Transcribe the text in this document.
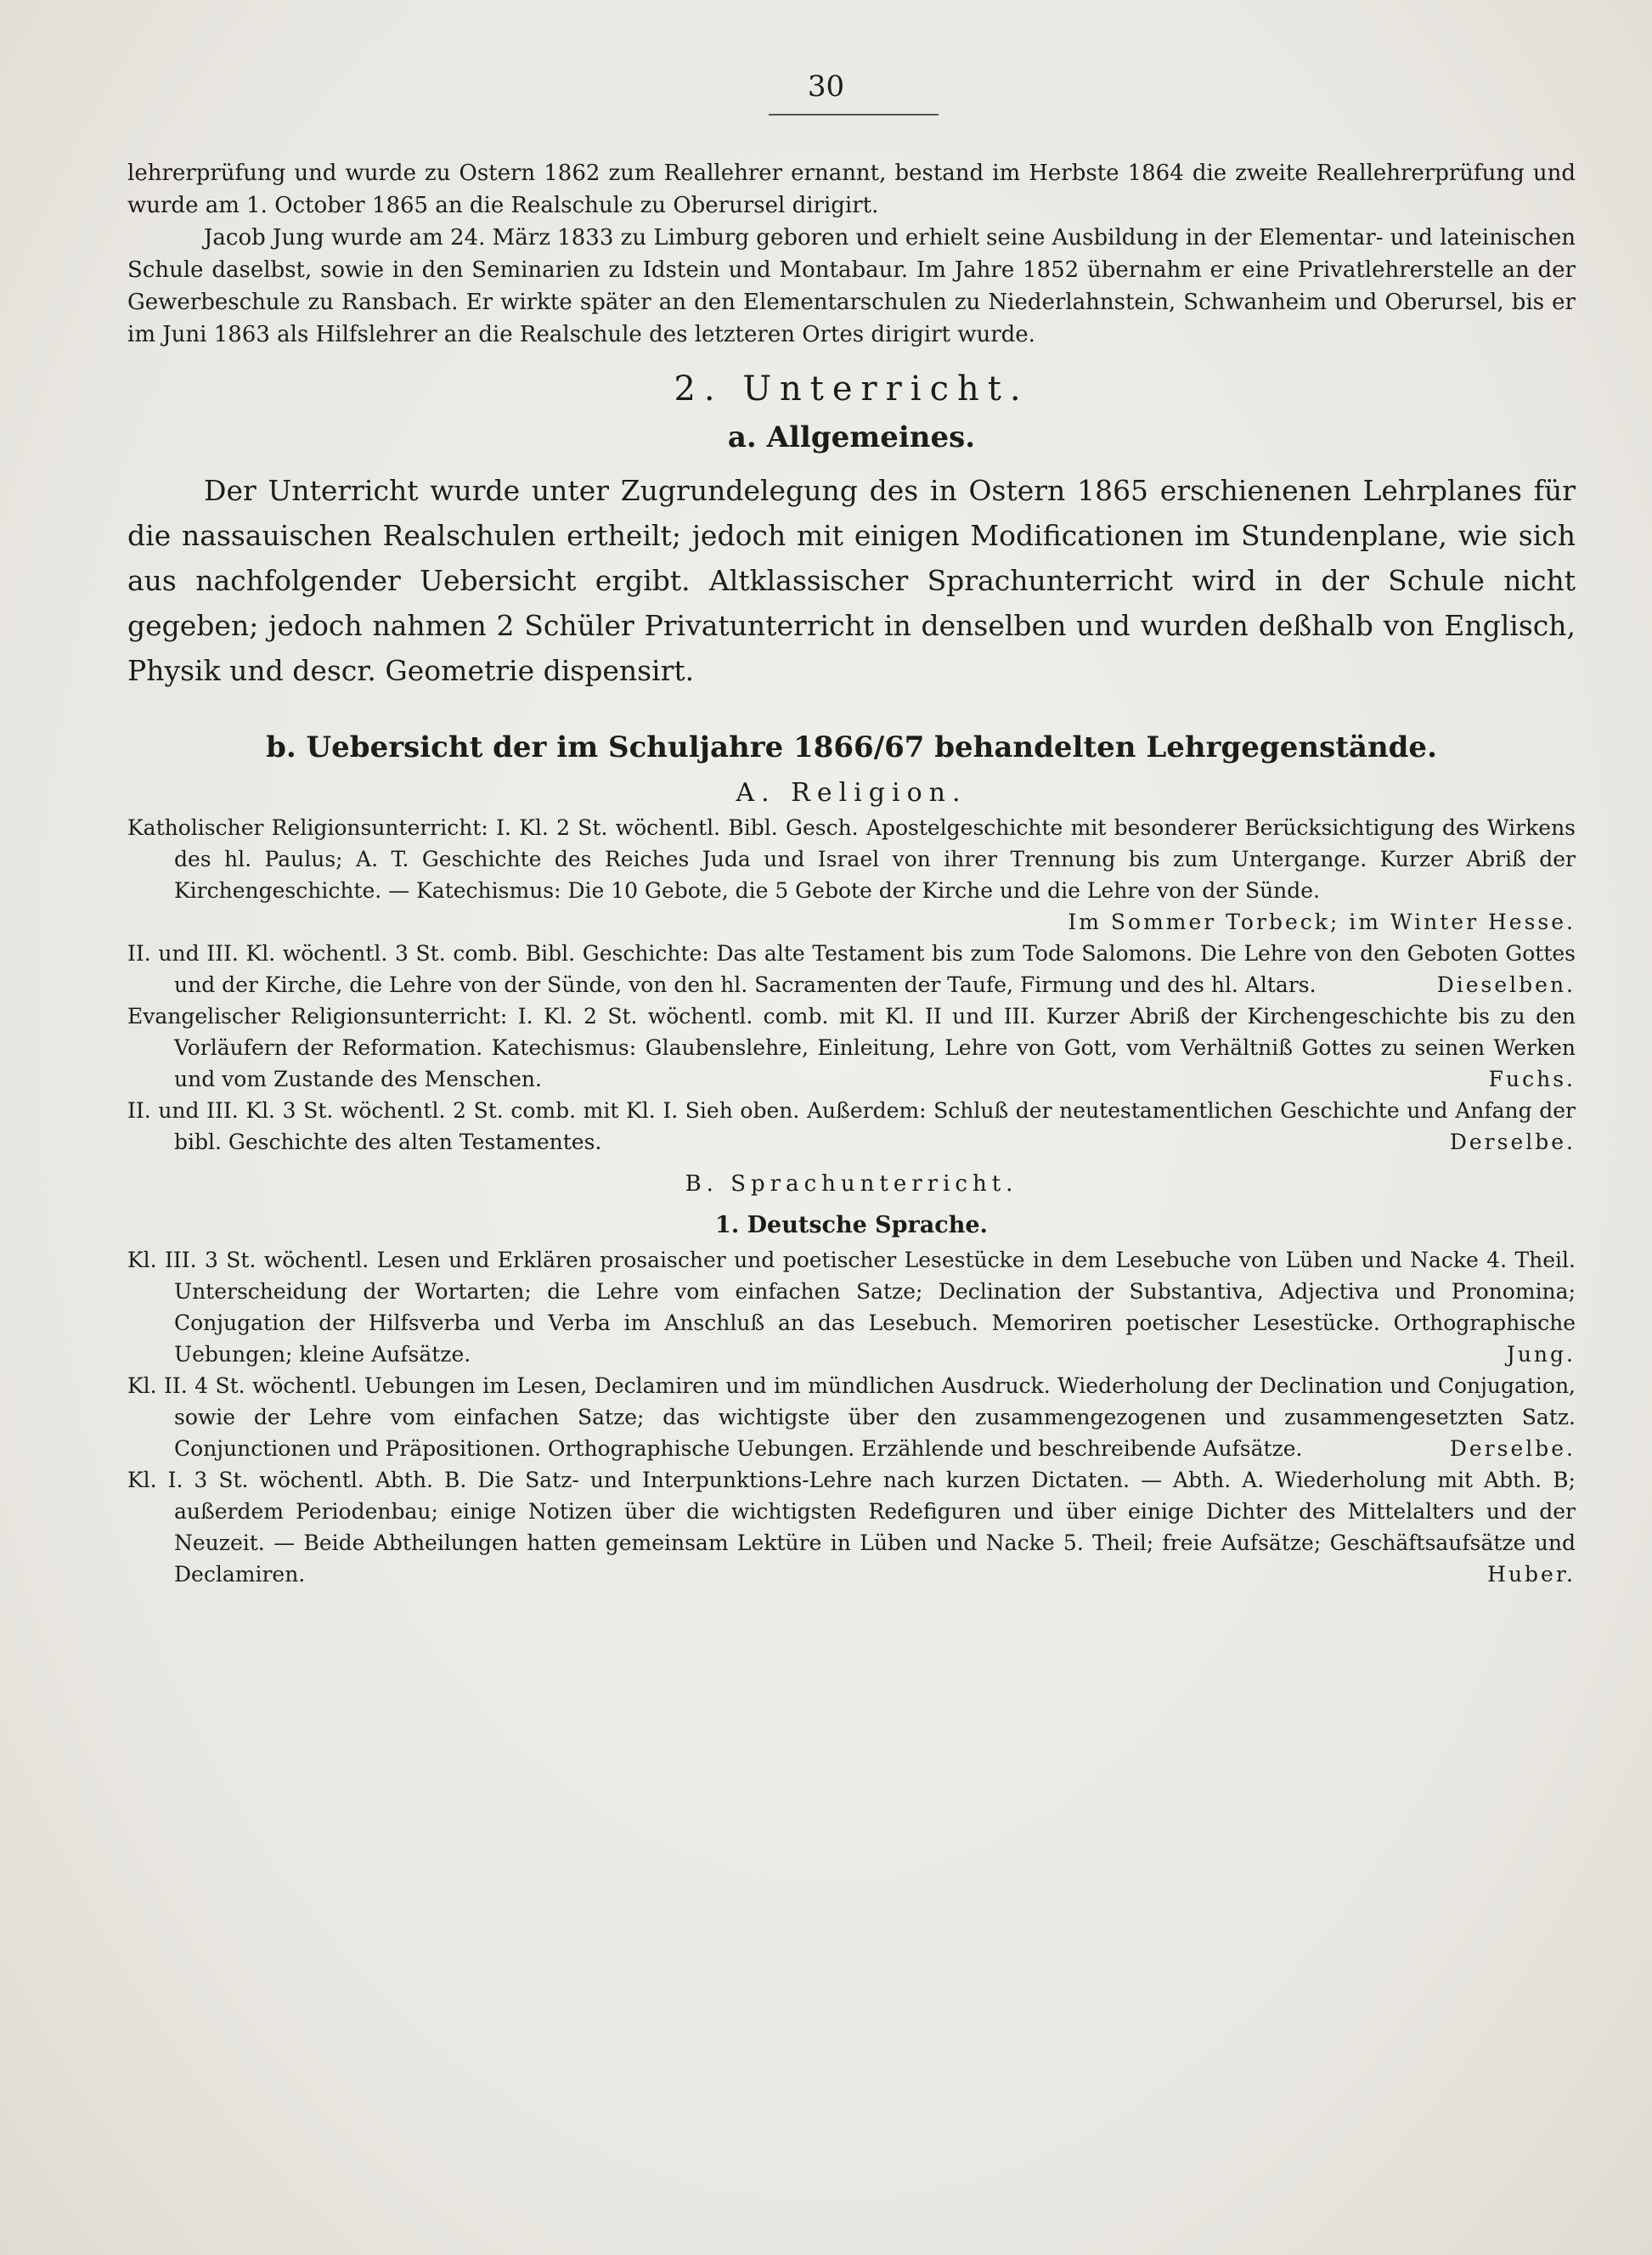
30

lehrerprüfung und wurde zu Ostern 1862 zum Reallehrer ernannt, bestand im Herbste 1864 die zweite Reallehrerprüfung und wurde am 1. October 1865 an die Realschule zu Oberursel dirigirt.

Jacob Jung wurde am 24. März 1833 zu Limburg geboren und erhielt seine Ausbildung in der Elementar- und lateinischen Schule daselbst, sowie in den Seminarien zu Idstein und Montabaur. Im Jahre 1852 übernahm er eine Privatlehrerstelle an der Gewerbeschule zu Ransbach. Er wirkte später an den Elementarschulen zu Niederlahnstein, Schwanheim und Oberursel, bis er im Juni 1863 als Hilfslehrer an die Realschule des letzteren Ortes dirigirt wurde.

2. Unterricht.

a. Allgemeines.

Der Unterricht wurde unter Zugrundelegung des in Ostern 1865 erschienenen Lehrplanes für die nassauischen Realschulen ertheilt; jedoch mit einigen Modificationen im Stundenplane, wie sich aus nachfolgender Uebersicht ergibt. Altklassischer Sprachunterricht wird in der Schule nicht gegeben; jedoch nahmen 2 Schüler Privatunterricht in denselben und wurden deßhalb von Englisch, Physik und descr. Geometrie dispensirt.

b. Uebersicht der im Schuljahre 1866/67 behandelten Lehrgegenstände.

A. Religion.

Katholischer Religionsunterricht: I. Kl. 2 St. wöchentl. Bibl. Gesch. Apostelgeschichte mit besonderer Berücksichtigung des Wirkens des hl. Paulus; A. T. Geschichte des Reiches Juda und Israel von ihrer Trennung bis zum Untergange. Kurzer Abriß der Kirchengeschichte. — Katechismus: Die 10 Gebote, die 5 Gebote der Kirche und die Lehre von der Sünde.
Im Sommer Torbeck; im Winter Hesse.

II. und III. Kl. wöchentl. 3 St. comb. Bibl. Geschichte: Das alte Testament bis zum Tode Salomons. Die Lehre von den Geboten Gottes und der Kirche, die Lehre von der Sünde, von den hl. Sacramenten der Taufe, Firmung und des hl. Altars.	Dieselben.

Evangelischer Religionsunterricht: I. Kl. 2 St. wöchentl. comb. mit Kl. II und III. Kurzer Abriß der Kirchengeschichte bis zu den Vorläufern der Reformation. Katechismus: Glaubenslehre, Einleitung, Lehre von Gott, vom Verhältniß Gottes zu seinen Werken und vom Zustande des Menschen.	Fuchs.

II. und III. Kl. 3 St. wöchentl. 2 St. comb. mit Kl. I. Sieh oben. Außerdem: Schluß der neutestamentlichen Geschichte und Anfang der bibl. Geschichte des alten Testamentes.	Derselbe.

B. Sprachunterricht.

1. Deutsche Sprache.

Kl. III. 3 St. wöchentl. Lesen und Erklären prosaischer und poetischer Lesestücke in dem Lesebuche von Lüben und Nacke 4. Theil. Unterscheidung der Wortarten; die Lehre vom einfachen Satze; Declination der Substantiva, Adjectiva und Pronomina; Conjugation der Hilfsverba und Verba im Anschluß an das Lesebuch. Memoriren poetischer Lesestücke. Orthographische Uebungen; kleine Aufsätze.	Jung.

Kl. II. 4 St. wöchentl. Uebungen im Lesen, Declamiren und im mündlichen Ausdruck. Wiederholung der Declination und Conjugation, sowie der Lehre vom einfachen Satze; das wichtigste über den zusammengezogenen und zusammengesetzten Satz. Conjunctionen und Präpositionen. Orthographische Uebungen. Erzählende und beschreibende Aufsätze.	Derselbe.

Kl. I. 3 St. wöchentl. Abth. B. Die Satz- und Interpunktions-Lehre nach kurzen Dictaten. — Abth. A. Wiederholung mit Abth. B; außerdem Periodenbau; einige Notizen über die wichtigsten Redefiguren und über einige Dichter des Mittelalters und der Neuzeit. — Beide Abtheilungen hatten gemeinsam Lektüre in Lüben und Nacke 5. Theil; freie Aufsätze; Geschäftsaufsätze und Declamiren.	Huber.
